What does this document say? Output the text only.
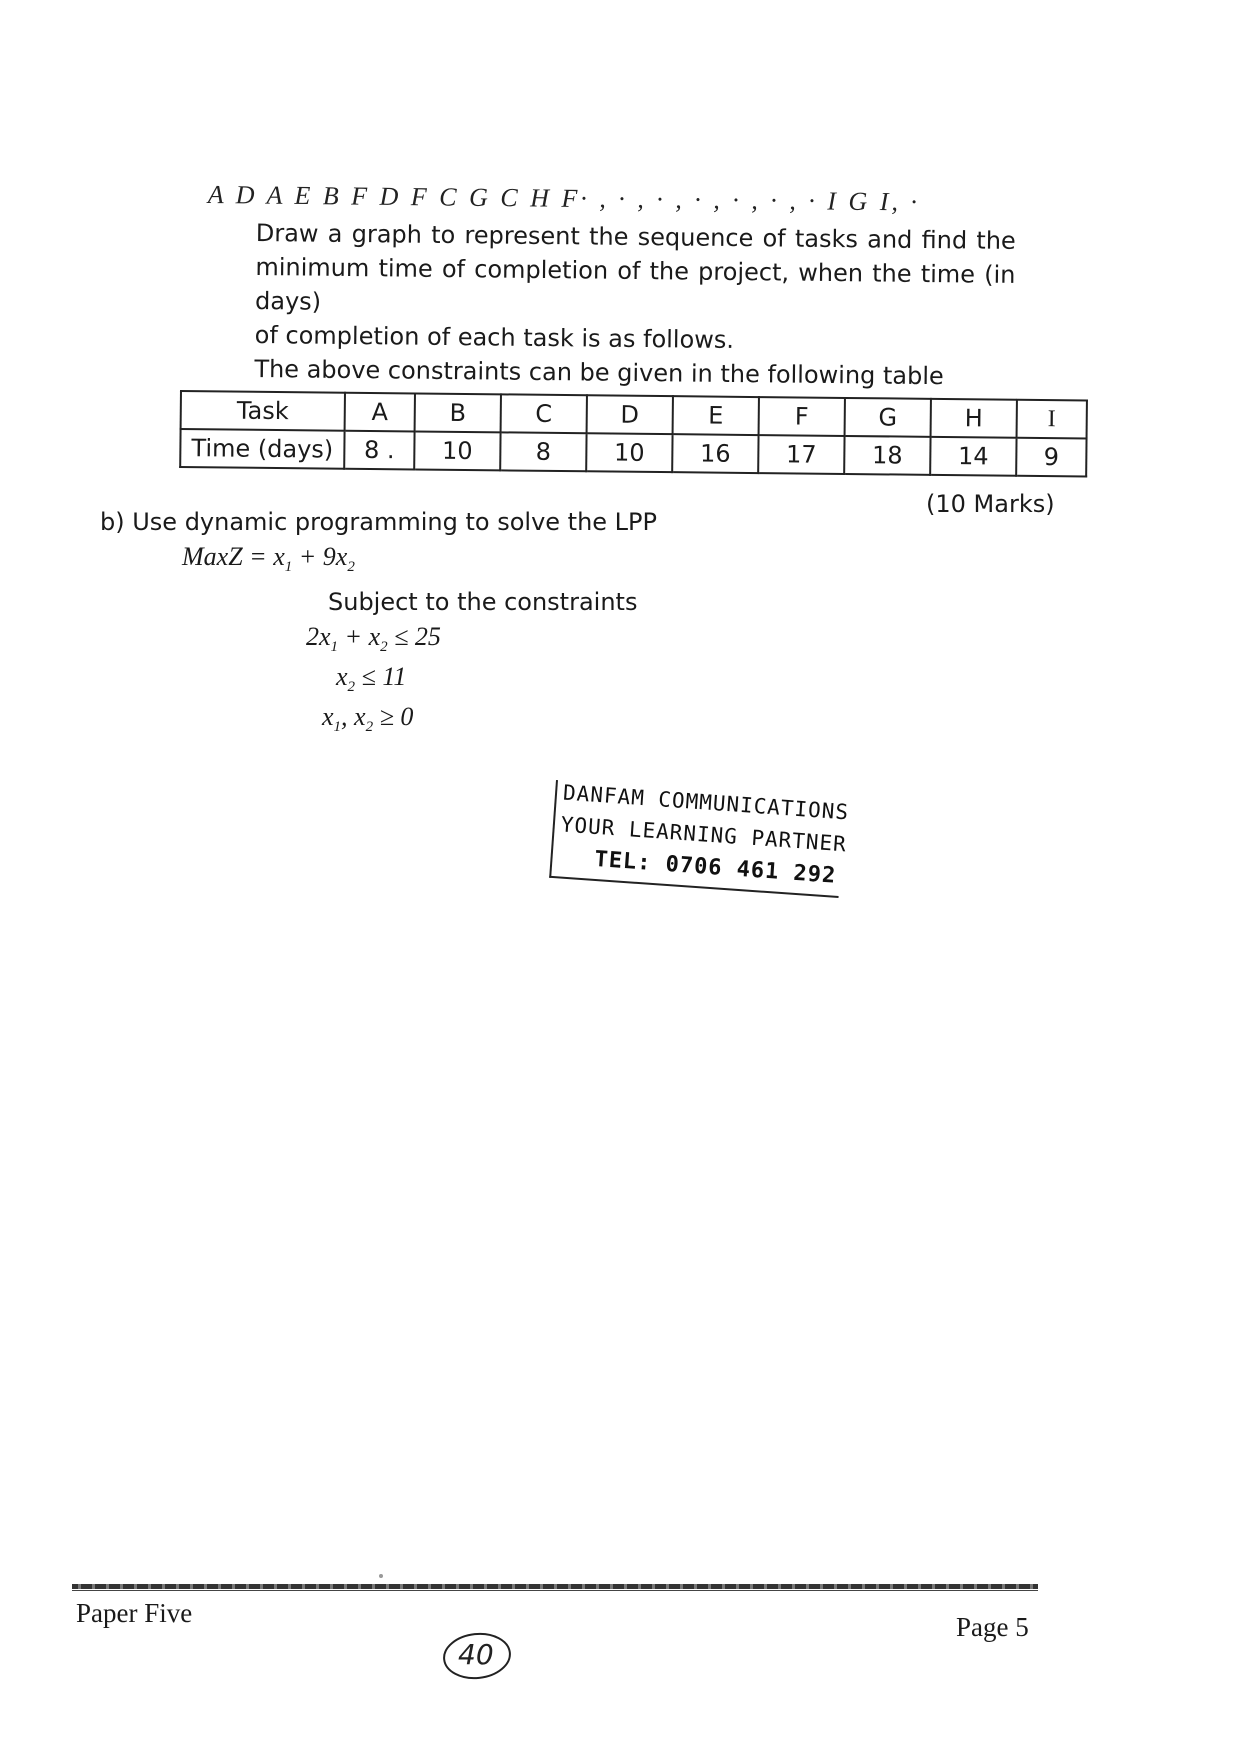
A D A E B F D F C G C H F· , · , · , · , · , · , · I G I, ·

Draw a graph to represent the sequence of tasks and find the

minimum time of completion of the project, when the time (in days)

of completion of each task is as follows.

The above constraints can be given in the following table

Task	A	B	C	D	E	F	G	H	I
Time (days)	8 .	10	8	10	16	17	18	14	9
(10 Marks)
b) Use dynamic programming to solve the LPP
MaxZ = $x_1 + 9x_2$
Subject to the constraints
$2x_1 + x_2 \le 25$
$x_2 \le 11$
$x_1$, $x_2 \ge 0$
DANFAM COMMUNICATIONS
YOUR LEARNING PARTNER
TEL: 0706 461 292
Paper Five	Page 5
40
